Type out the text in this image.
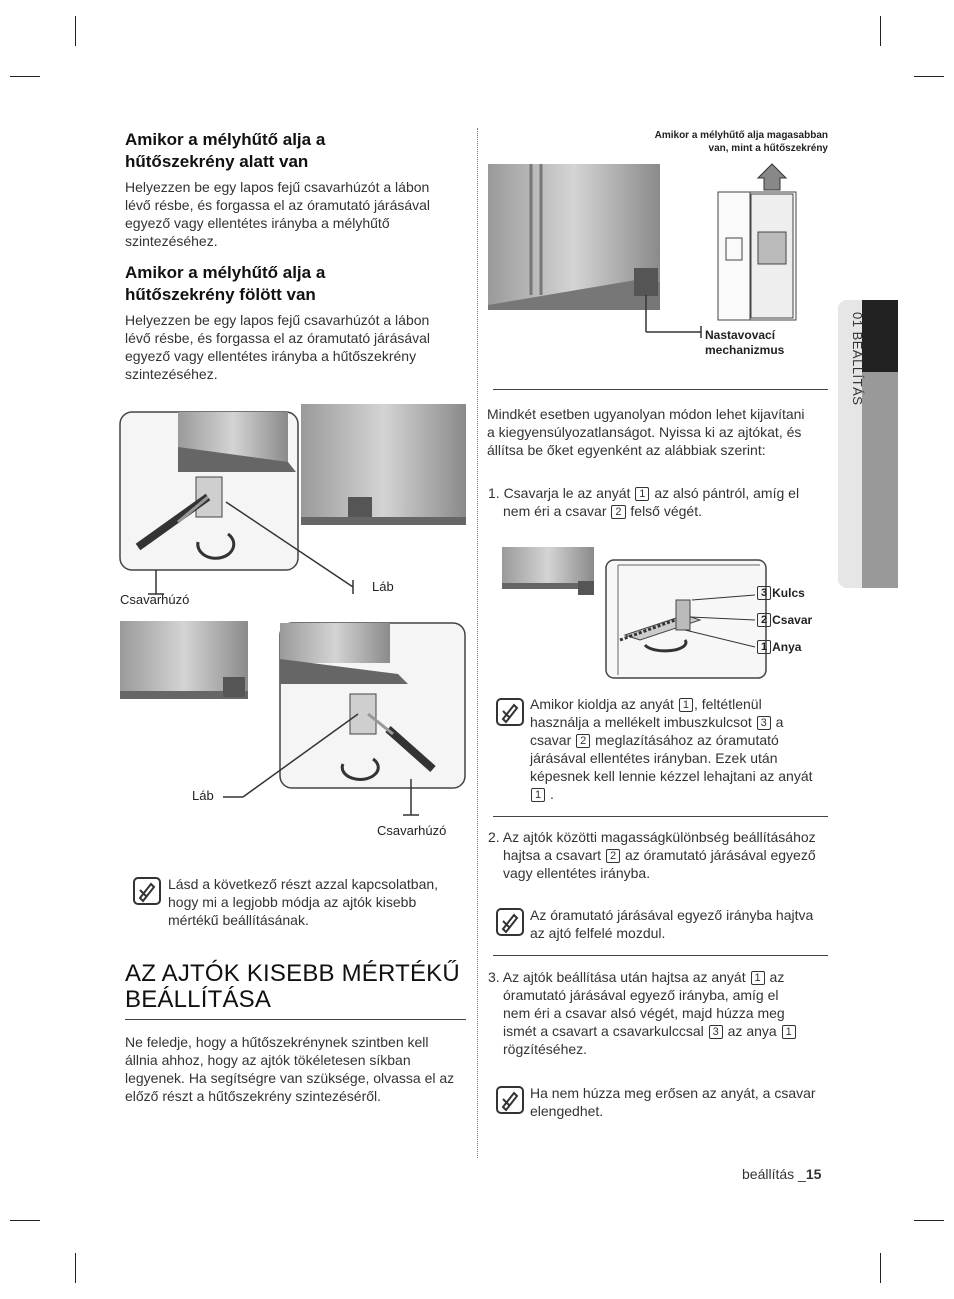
Amikor a mélyhűtő alja a
hűtőszekrény alatt van
Helyezzen be egy lapos fejű csavarhúzót a lábon
lévő résbe, és forgassa el az óramutató járásával
egyező vagy ellentétes irányba a mélyhűtő
szintezéséhez.
Amikor a mélyhűtő alja a
hűtőszekrény fölött van
Helyezzen be egy lapos fejű csavarhúzót a lábon
lévő résbe, és forgassa el az óramutató járásával
egyező vagy ellentétes irányba a hűtőszekrény
szintezéséhez.
Láb
Csavarhúzó
Láb
Csavarhúzó
Lásd a következő részt azzal kapcsolatban,
hogy mi a legjobb módja az ajtók kisebb
mértékű beállításának.
AZ AJTÓK KISEBB MÉRTÉKŰ
BEÁLLÍTÁSA
Ne feledje, hogy a hűtőszekrénynek szintben kell
állnia ahhoz, hogy az ajtók tökéletesen síkban
legyenek. Ha segítségre van szüksége, olvassa el az
előző részt a hűtőszekrény szintezéséről.
Amikor a mélyhűtő alja magasabban
van, mint a hűtőszekrény
Nastavovací
mechanizmus
Mindkét esetben ugyanolyan módon lehet kijavítani
a kiegyensúlyozatlanságot. Nyissa ki az ajtókat, és
állítsa be őket egyenként az alábbiak szerint:
1. Csavarja le az anyát 1 az alsó pántról, amíg el
nem éri a csavar 2 felső végét.
3 Kulcs
2 Csavar
1 Anya
Amikor kioldja az anyát 1 , feltétlenül
használja a mellékelt imbuszkulcsot 3 a
csavar 2 meglazításához az óramutató
járásával ellentétes irányban. Ezek után
képesnek kell lennie kézzel lehajtani az anyát
1 .
2. Az ajtók közötti magasságkülönbség beállításához
hajtsa a csavart 2 az óramutató járásával egyező
vagy ellentétes irányba.
Az óramutató járásával egyező irányba hajtva
az ajtó felfelé mozdul.
3. Az ajtók beállítása után hajtsa az anyát 1 az
óramutató járásával egyező irányba, amíg el
nem éri a csavar alsó végét, majd húzza meg
ismét a csavart a csavarkulccsal 3 az anya 1
rögzítéséhez.
Ha nem húzza meg erősen az anyát, a csavar
elengedhet.
01 BEÁLLÍTÁS
beállítás _15
